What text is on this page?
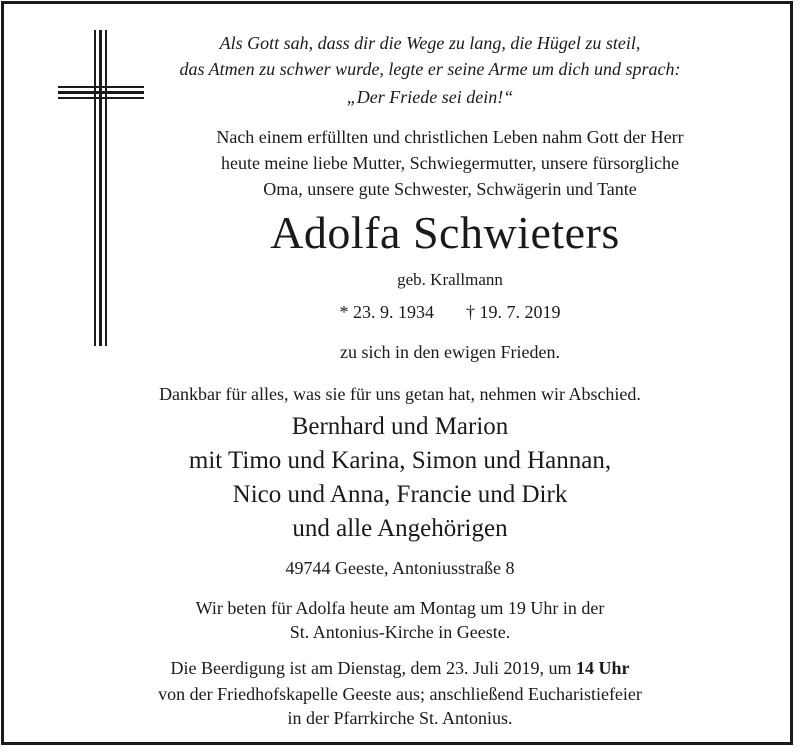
Als Gott sah, dass dir die Wege zu lang, die Hügel zu steil,
das Atmen zu schwer wurde, legte er seine Arme um dich und sprach:
„Der Friede sei dein!“
Nach einem erfüllten und christlichen Leben nahm Gott der Herr
heute meine liebe Mutter, Schwiegermutter, unsere fürsorgliche
Oma, unsere gute Schwester, Schwägerin und Tante
Adolfa Schwieters
geb. Krallmann
* 23. 9. 1934 † 19. 7. 2019
zu sich in den ewigen Frieden.
Dankbar für alles, was sie für uns getan hat, nehmen wir Abschied.
Bernhard und Marion
mit Timo und Karina, Simon und Hannan,
Nico und Anna, Francie und Dirk
und alle Angehörigen
49744 Geeste, Antoniusstraße 8
Wir beten für Adolfa heute am Montag um 19 Uhr in der
St. Antonius-Kirche in Geeste.
Die Beerdigung ist am Dienstag, dem 23. Juli 2019, um 14 Uhr
von der Friedhofskapelle Geeste aus; anschließend Eucharistiefeier
in der Pfarrkirche St. Antonius.
